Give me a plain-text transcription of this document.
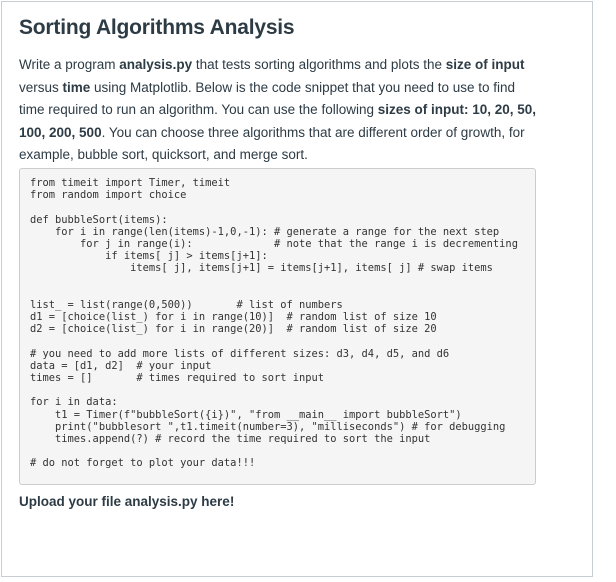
Sorting Algorithms Analysis

Write a program analysis.py that tests sorting algorithms and plots the size of input versus time using Matplotlib. Below is the code snippet that you need to use to find time required to run an algorithm. You can use the following sizes of input: 10, 20, 50, 100, 200, 500. You can choose three algorithms that are different order of growth, for example, bubble sort, quicksort, and merge sort.

from timeit import Timer, timeit
from random import choice
def bubbleSort(items):
for i in range(len(items)-1,0,-1): # generate a range for the next step
for j in range(i):             # note that the range i is decrementing
if items[ j] > items[j+1]:
items[ j], items[j+1] = items[j+1], items[ j] # swap items
list_ = list(range(0,500))       # list of numbers
d1 = [choice(list_) for i in range(10)]  # random list of size 10
d2 = [choice(list_) for i in range(20)]  # random list of size 20
# you need to add more lists of different sizes: d3, d4, d5, and d6
data = [d1, d2]  # your input
times = []       # times required to sort input
for i in data:
t1 = Timer(f"bubbleSort({i})", "from __main__ import bubbleSort")
print("bubblesort ",t1.timeit(number=3), "milliseconds") # for debugging
times.append(?) # record the time required to sort the input
# do not forget to plot your data!!!

Upload your file analysis.py here!
